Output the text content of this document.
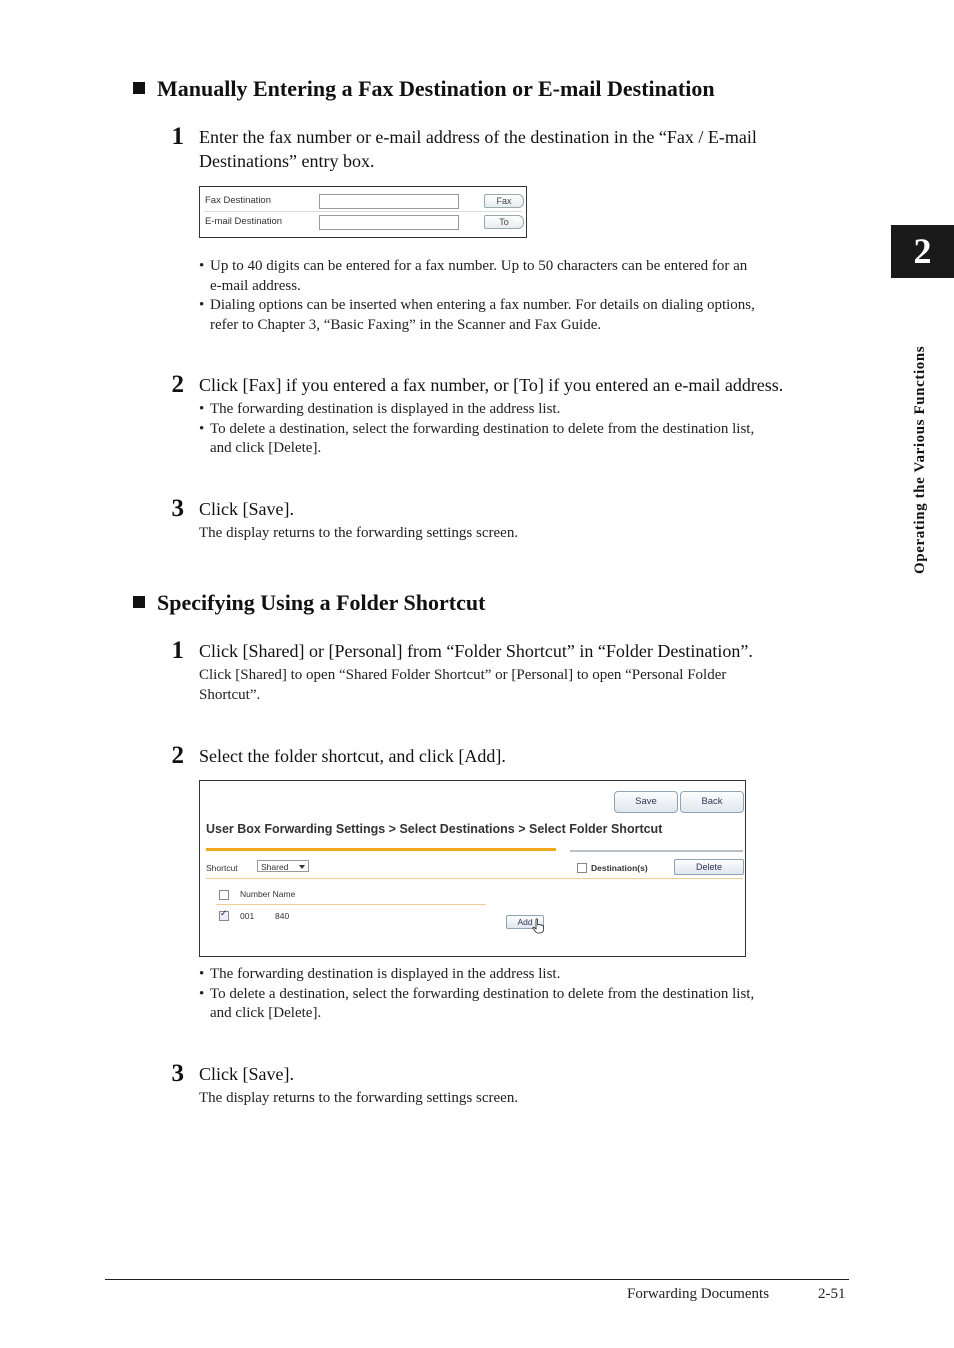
2
Operating the Various Functions
Manually Entering a Fax Destination or E-mail Destination
1 Enter the fax number or e-mail address of the destination in the “Fax / E-mail
Destinations” entry box.
Fax Destination	Fax
E-mail Destination	To
• Up to 40 digits can be entered for a fax number. Up to 50 characters can be entered for an
e-mail address.
• Dialing options can be inserted when entering a fax number. For details on dialing options,
refer to Chapter 3, “Basic Faxing” in the Scanner and Fax Guide.
2 Click [Fax] if you entered a fax number, or [To] if you entered an e-mail address.
• The forwarding destination is displayed in the address list.
• To delete a destination, select the forwarding destination to delete from the destination list,
and click [Delete].
3 Click [Save].
The display returns to the forwarding settings screen.
Specifying Using a Folder Shortcut
1 Click [Shared] or [Personal] from “Folder Shortcut” in “Folder Destination”.
Click [Shared] to open “Shared Folder Shortcut” or [Personal] to open “Personal Folder
Shortcut”.
2 Select the folder shortcut, and click [Add].
Save	Back
User Box Forwarding Settings > Select Destinations > Select Folder Shortcut
Shortcut	Shared	Destination(s)	Delete
Number Name
✓
001 840
Add
• The forwarding destination is displayed in the address list.
• To delete a destination, select the forwarding destination to delete from the destination list,
and click [Delete].
3 Click [Save].
The display returns to the forwarding settings screen.
Forwarding Documents	2-51
